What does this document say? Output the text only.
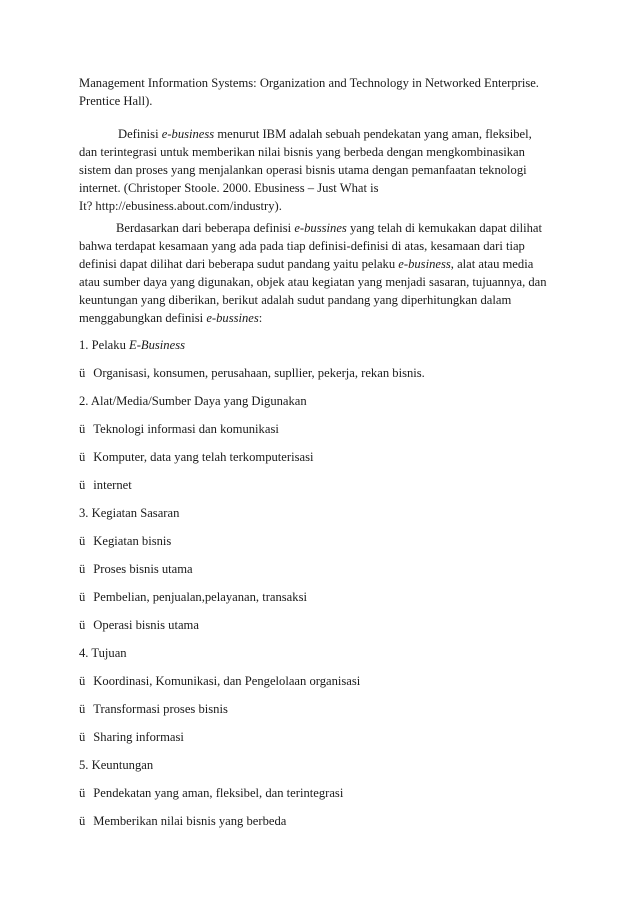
Management Information Systems: Organization and Technology in Networked Enterprise.
Prentice Hall).
Definisi e-business menurut IBM adalah sebuah pendekatan yang aman, fleksibel,
dan terintegrasi untuk memberikan nilai bisnis yang berbeda dengan mengkombinasikan
sistem dan proses yang menjalankan operasi bisnis utama dengan pemanfaatan teknologi
internet. (Christoper Stoole. 2000. Ebusiness – Just What is
It? http://ebusiness.about.com/industry).
Berdasarkan dari beberapa definisi e-bussines yang telah di kemukakan dapat dilihat
bahwa terdapat kesamaan yang ada pada tiap definisi-definisi di atas, kesamaan dari tiap
definisi dapat dilihat dari beberapa sudut pandang yaitu pelaku e-business, alat atau media
atau sumber daya yang digunakan, objek atau kegiatan yang menjadi sasaran, tujuannya, dan
keuntungan yang diberikan, berikut adalah sudut pandang yang diperhitungkan dalam
menggabungkan definisi e-bussines:
1. Pelaku E-Business
ü Organisasi, konsumen, perusahaan, supllier, pekerja, rekan bisnis.
2. Alat/Media/Sumber Daya yang Digunakan
ü Teknologi informasi dan komunikasi
ü Komputer, data yang telah terkomputerisasi
ü internet
3. Kegiatan Sasaran
ü Kegiatan bisnis
ü Proses bisnis utama
ü Pembelian, penjualan,pelayanan, transaksi
ü Operasi bisnis utama
4. Tujuan
ü Koordinasi, Komunikasi, dan Pengelolaan organisasi
ü Transformasi proses bisnis
ü Sharing informasi
5. Keuntungan
ü Pendekatan yang aman, fleksibel, dan terintegrasi
ü Memberikan nilai bisnis yang berbeda
